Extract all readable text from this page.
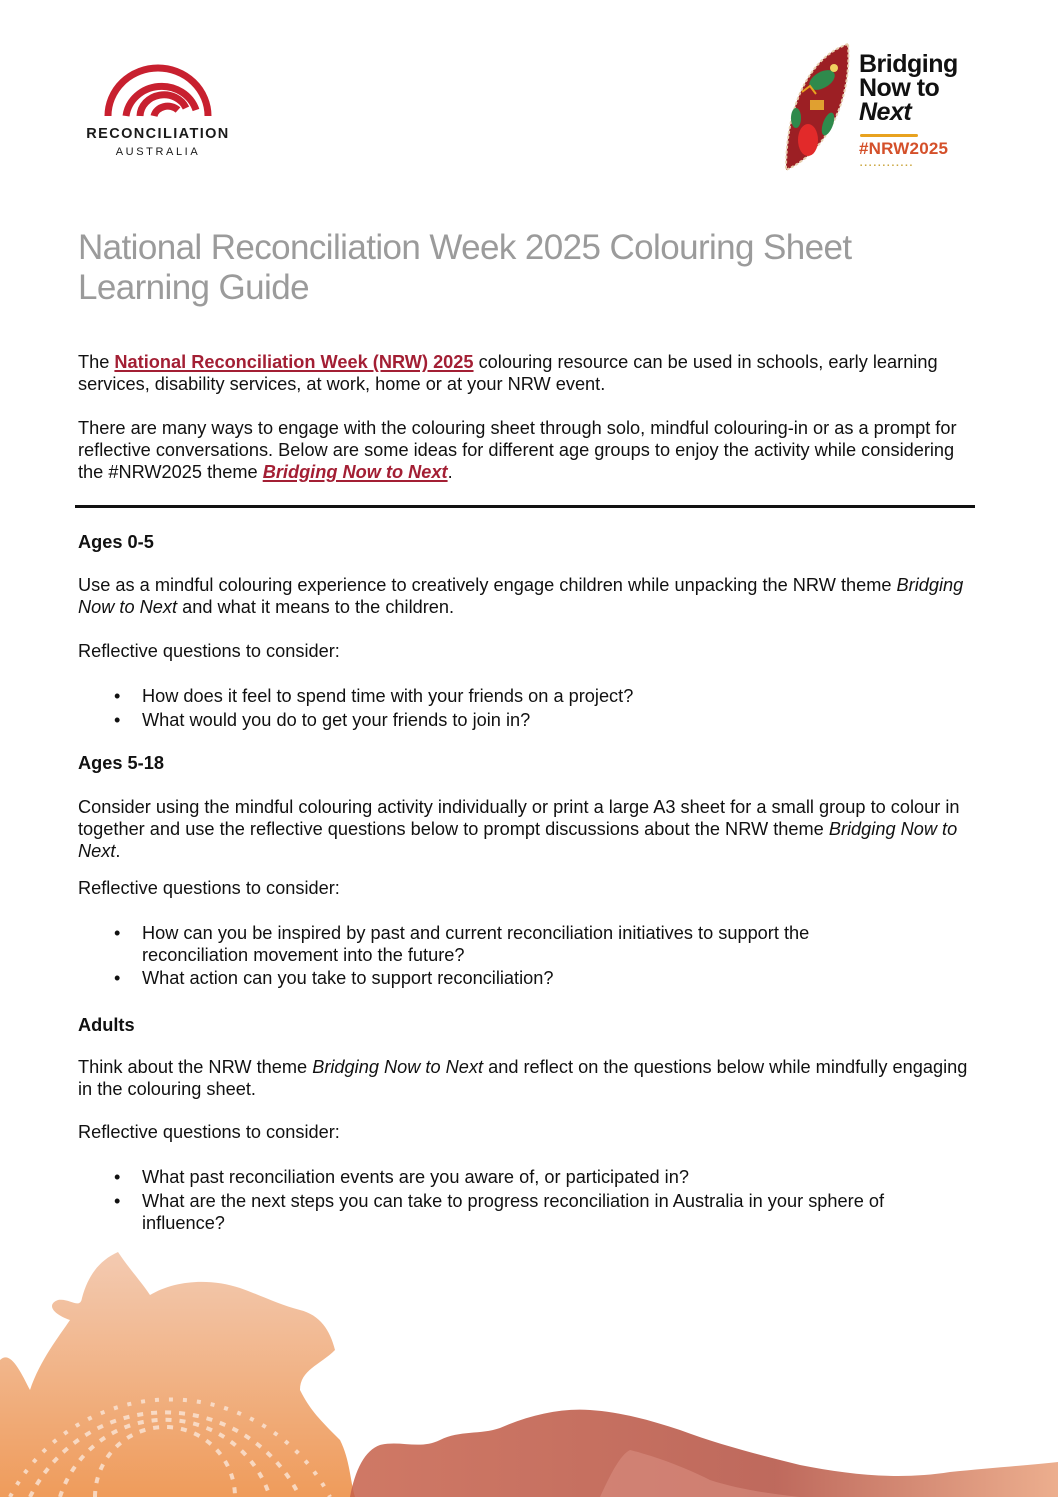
RECONCILIATION
AUSTRALIA
Bridging
Now to
Next
#NRW2025
▪▪▪▪▪▪▪▪▪▪▪▪
National Reconciliation Week 2025 Colouring Sheet
Learning Guide

The National Reconciliation Week (NRW) 2025 colouring resource can be used in schools, early learning services, disability services, at work, home or at your NRW event.

There are many ways to engage with the colouring sheet through solo, mindful colouring-in or as a prompt for reflective conversations. Below are some ideas for different age groups to enjoy the activity while considering the #NRW2025 theme Bridging Now to Next.

Ages 0-5

Use as a mindful colouring experience to creatively engage children while unpacking the NRW theme Bridging Now to Next and what it means to the children.

Reflective questions to consider:

• How does it feel to spend time with your friends on a project?
• What would you do to get your friends to join in?
Ages 5-18

Consider using the mindful colouring activity individually or print a large A3 sheet for a small group to colour in together and use the reflective questions below to prompt discussions about the NRW theme Bridging Now to Next.

Reflective questions to consider:

• How can you be inspired by past and current reconciliation initiatives to support the reconciliation movement into the future?
• What action can you take to support reconciliation?
Adults

Think about the NRW theme Bridging Now to Next and reflect on the questions below while mindfully engaging in the colouring sheet.

Reflective questions to consider:

• What past reconciliation events are you aware of, or participated in?
• What are the next steps you can take to progress reconciliation in Australia in your sphere of influence?
